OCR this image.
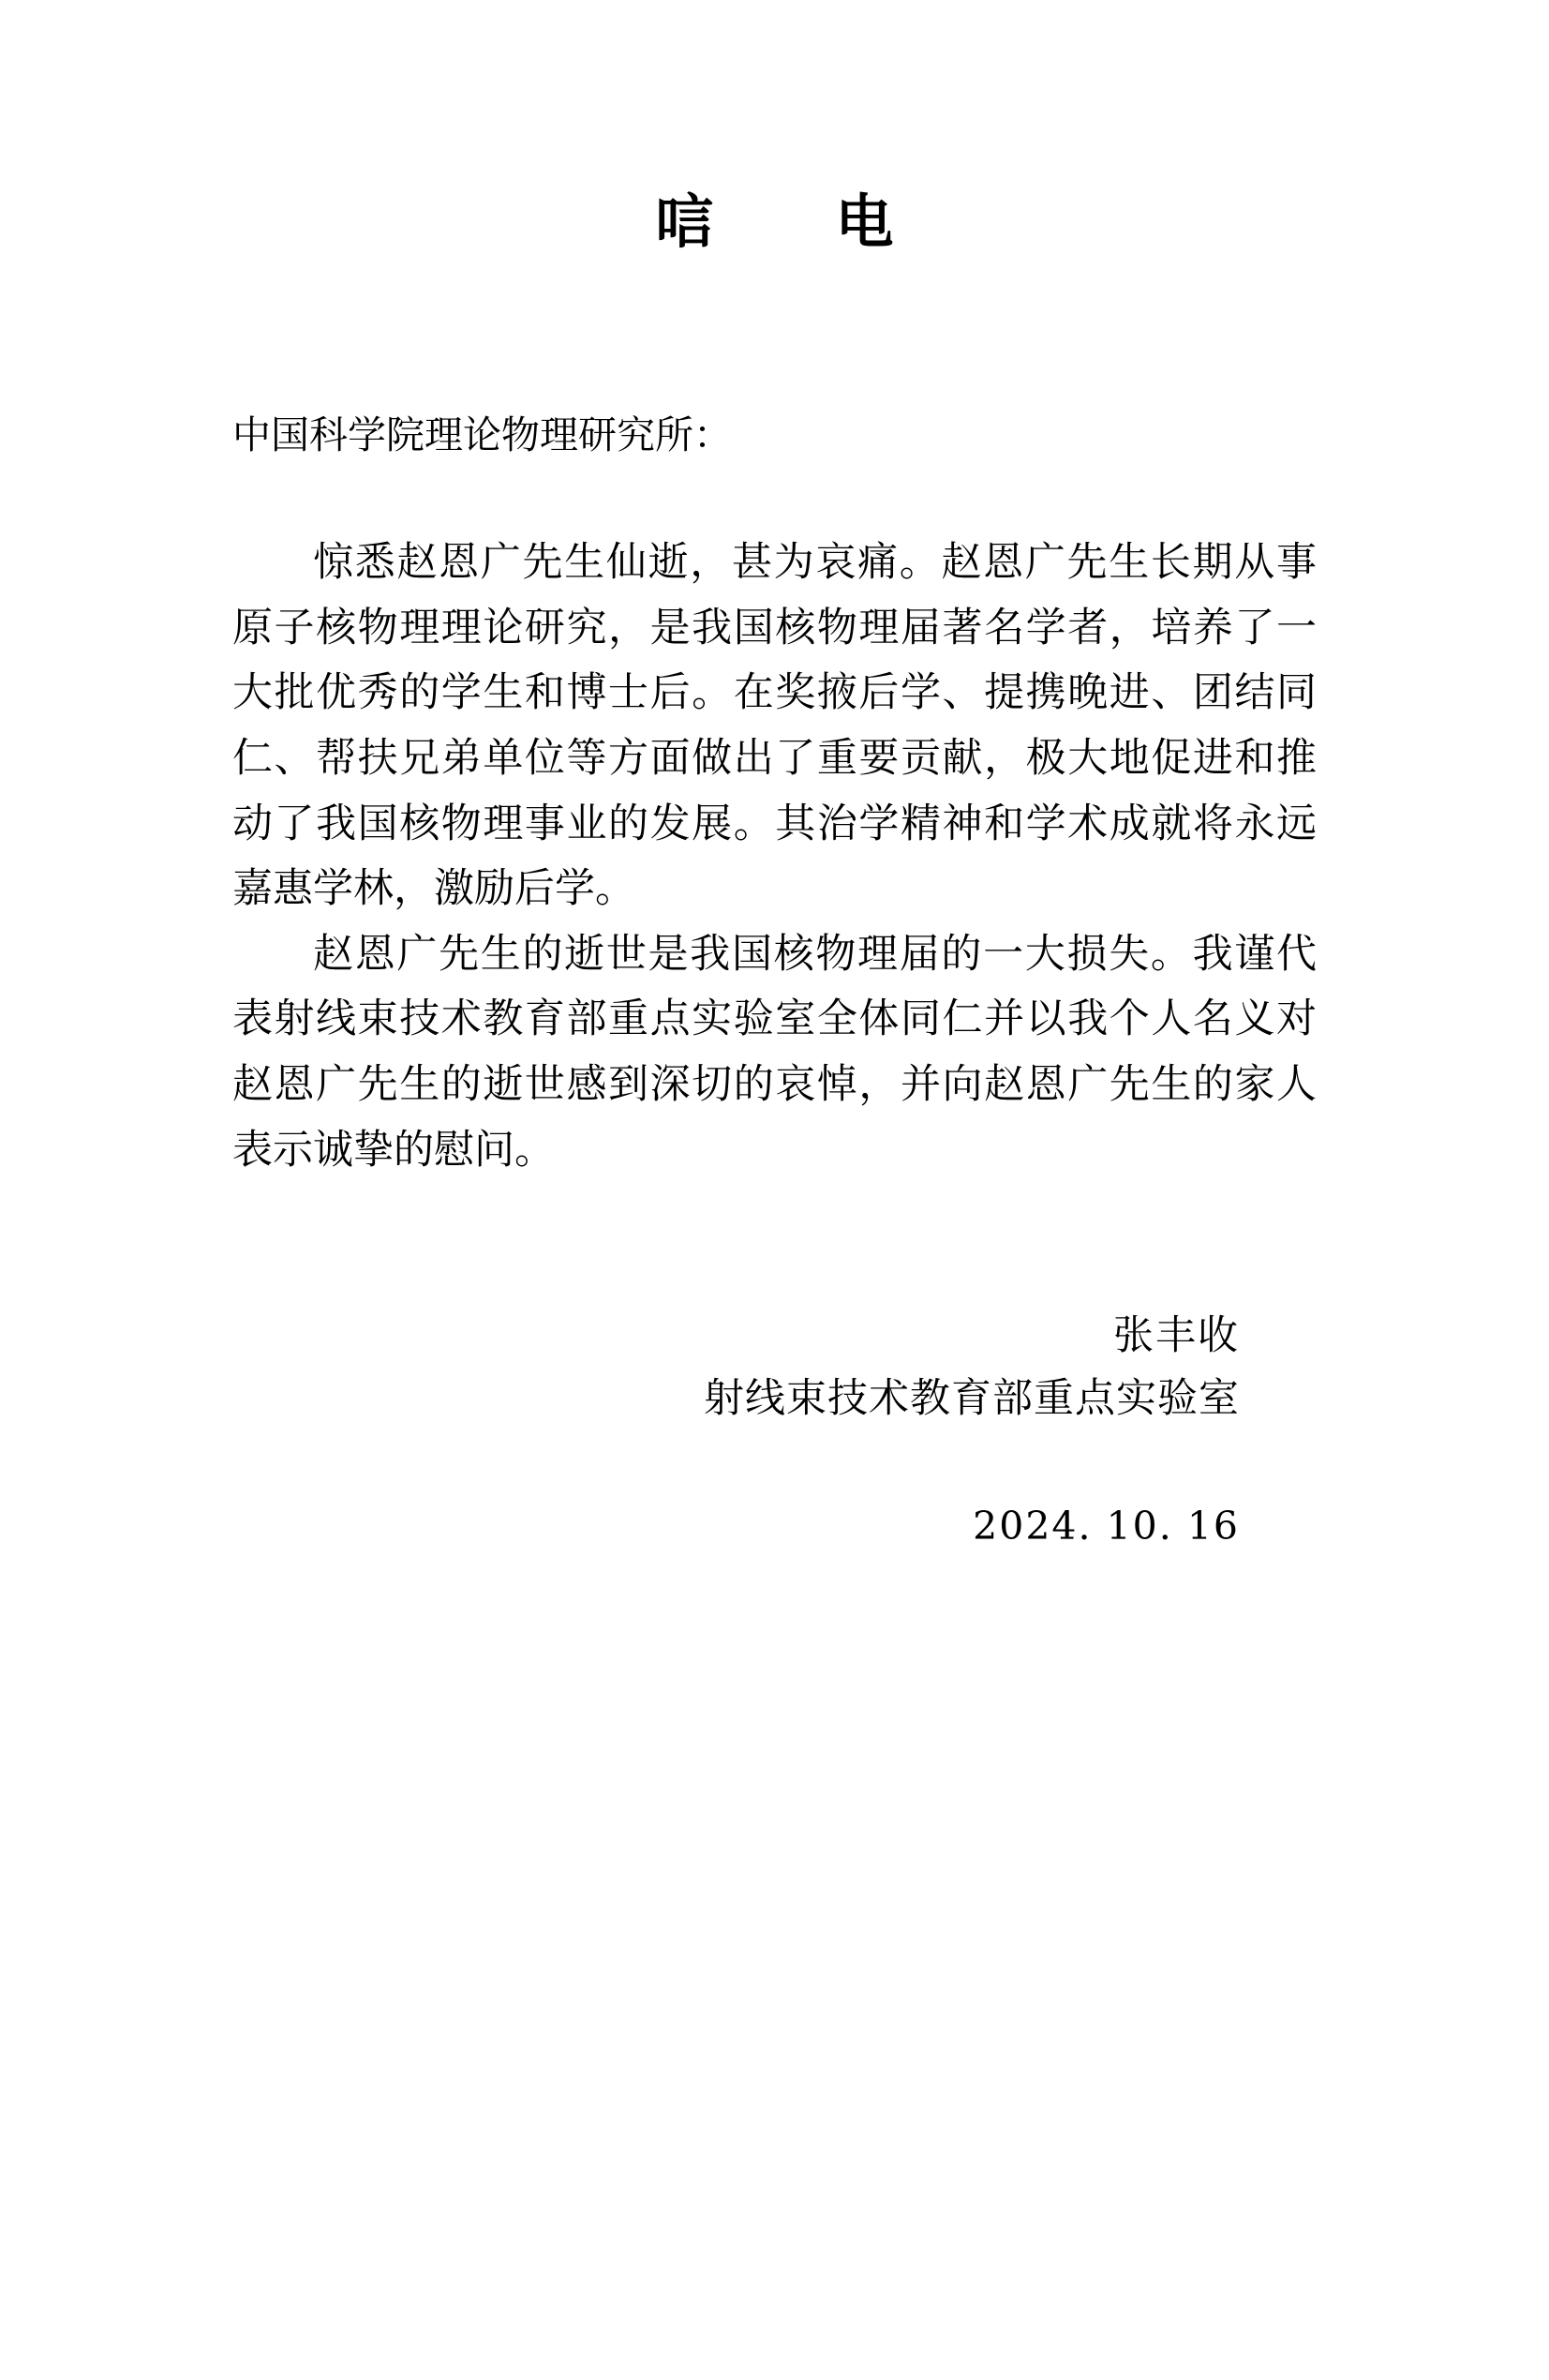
唁　电
中国科学院理论物理研究所：

惊悉赵恩广先生仙逝，甚为哀痛。赵恩广先生长期从事原子核物理理论研究，是我国核物理届著名学者，培养了一大批优秀的学生和博士后。在奖掖后学、提携晚进、团结同仁、帮扶兄弟单位等方面做出了重要贡献，极大地促进和推动了我国核物理事业的发展。其治学精神和学术成就将永远嘉惠学林，激励后学。

赵恩广先生的逝世是我国核物理届的一大损失。我谨代表射线束技术教育部重点实验室全体同仁并以我个人名义对赵恩广先生的逝世感到深切的哀悼，并向赵恩广先生的家人表示诚挚的慰问。

张丰收
射线束技术教育部重点实验室
2024. 10. 16
